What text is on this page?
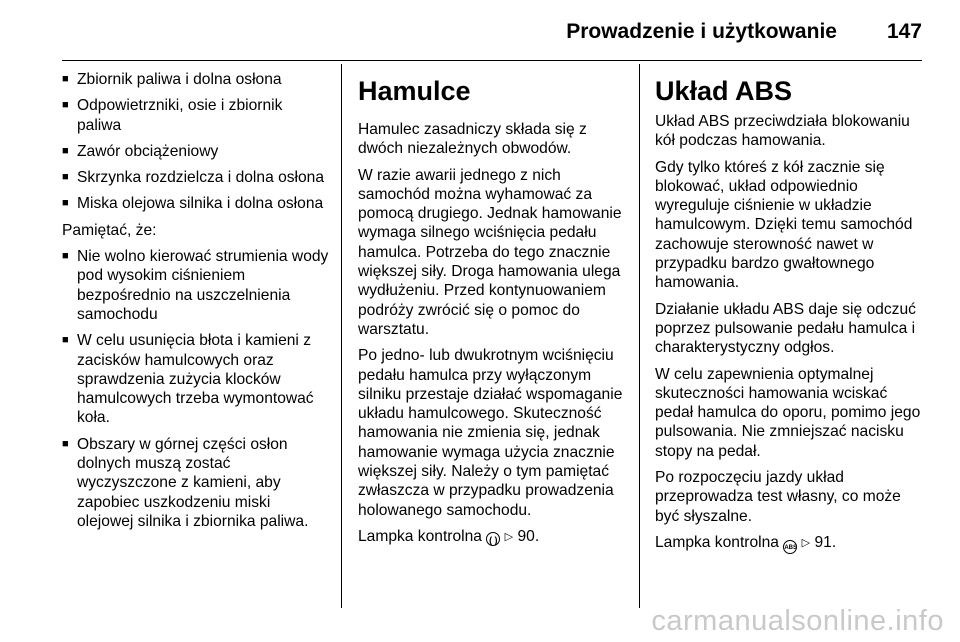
Prowadzenie i użytkowanie 147
■ Zbiornik paliwa i dolna osłona
■ Odpowietrzniki, osie i zbiornik paliwa
■ Zawór obciążeniowy
■ Skrzynka rozdzielcza i dolna osłona
■ Miska olejowa silnika i dolna osłona

Pamiętać, że:

■ Nie wolno kierować strumienia wody pod wysokim ciśnieniem bezpośrednio na uszczelnienia samochodu
■ W celu usunięcia błota i kamieni z zacisków hamulcowych oraz sprawdzenia zużycia klocków hamulcowych trzeba wymontować koła.
■ Obszary w górnej części osłon dolnych muszą zostać wyczyszczone z kamieni, aby zapobiec uszkodzeniu miski olejowej silnika i zbiornika paliwa.
Hamulce

Hamulec zasadniczy składa się z dwóch niezależnych obwodów.

W razie awarii jednego z nich samochód można wyhamować za pomocą drugiego. Jednak hamowanie wymaga silnego wciśnięcia pedału hamulca. Potrzeba do tego znacznie większej siły. Droga hamowania ulega wydłużeniu. Przed kontynuowaniem podróży zwrócić się o pomoc do warsztatu.

Po jedno- lub dwukrotnym wciśnięciu pedału hamulca przy wyłączonym silniku przestaje działać wspomaganie układu hamulcowego. Skuteczność hamowania nie zmienia się, jednak hamowanie wymaga użycia znacznie większej siły. Należy o tym pamiętać zwłaszcza w przypadku prowadzenia holowanego samochodu.

Lampka kontrolna ( ) ▷ 90.

Układ ABS

Układ ABS przeciwdziała blokowaniu kół podczas hamowania.

Gdy tylko któreś z kół zacznie się blokować, układ odpowiednio wyreguluje ciśnienie w układzie hamulcowym. Dzięki temu samochód zachowuje sterowność nawet w przypadku bardzo gwałtownego hamowania.

Działanie układu ABS daje się odczuć poprzez pulsowanie pedału hamulca i charakterystyczny odgłos.

W celu zapewnienia optymalnej skuteczności hamowania wciskać pedał hamulca do oporu, pomimo jego pulsowania. Nie zmniejszać nacisku stopy na pedał.

Po rozpoczęciu jazdy układ przeprowadza test własny, co może być słyszalne.

Lampka kontrolna ABS ▷ 91.

carmanualsonline.info
